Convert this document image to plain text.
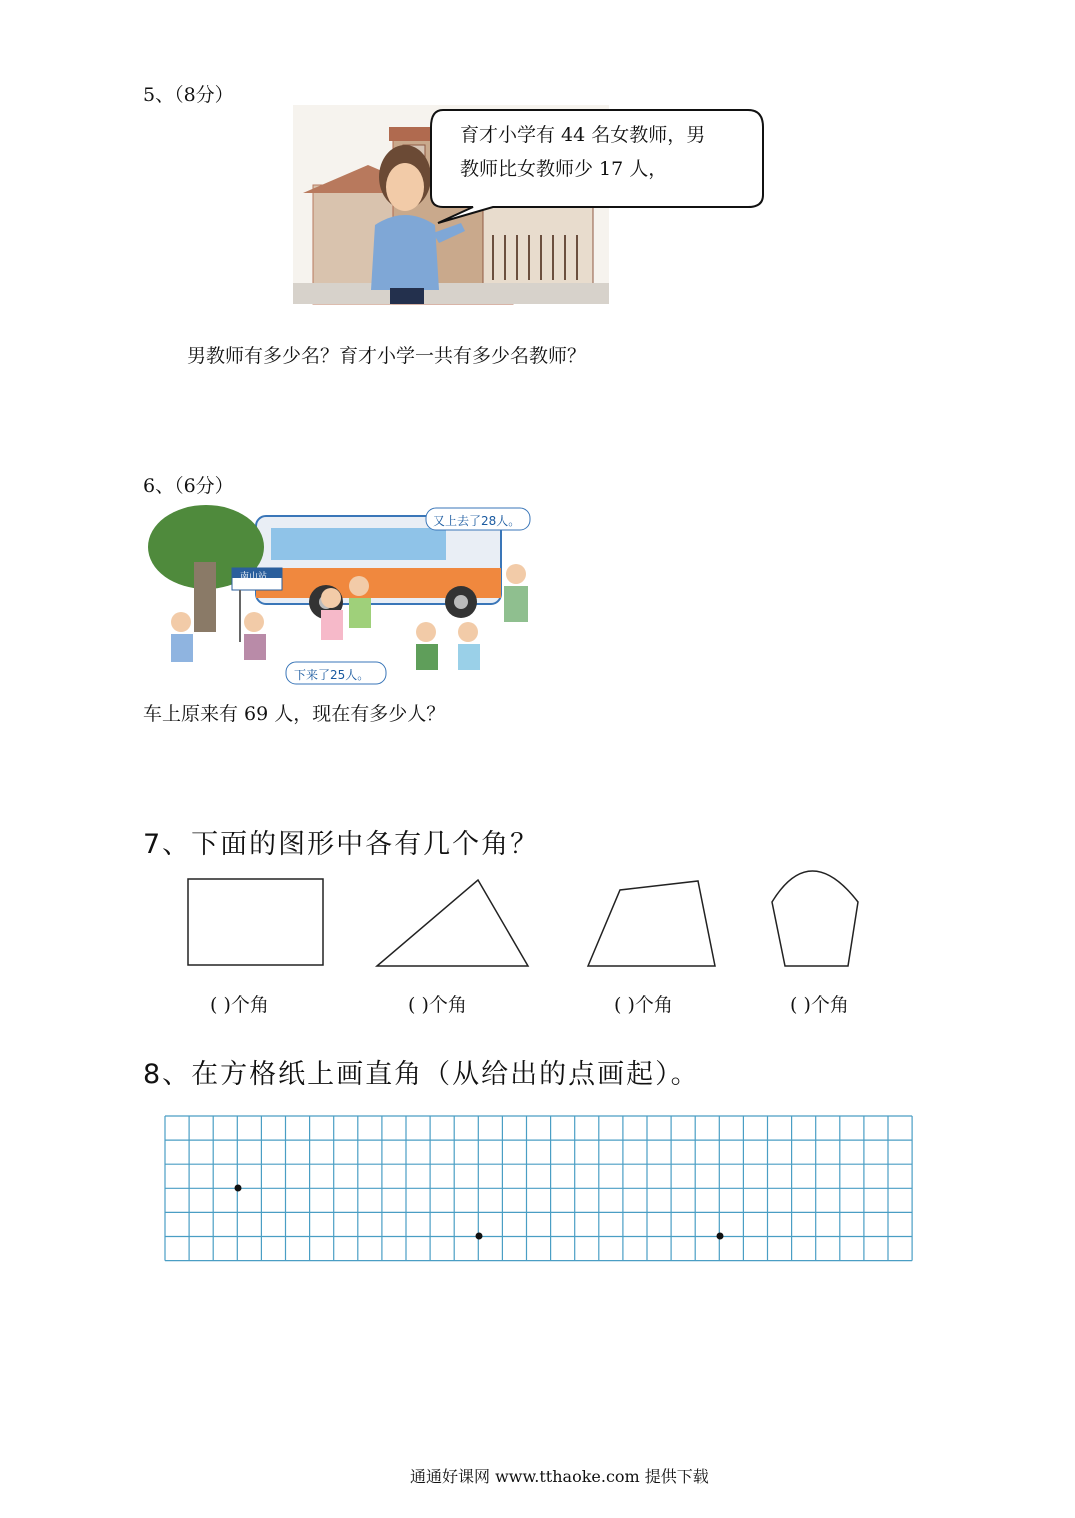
5、（8分）
育才小学有 44 名女教师，男
教师比女教师少 17 人，
男教师有多少名？育才小学一共有多少名教师？
6、（6分）
又上去了28人。
下来了25人。
南山站
车上原来有 69 人，现在有多少人？
7、下面的图形中各有几个角？
( )个角	( )个角	( )个角	( )个角
8、在方格纸上画直角（从给出的点画起）。
通通好课网 www.tthaoke.com 提供下载
